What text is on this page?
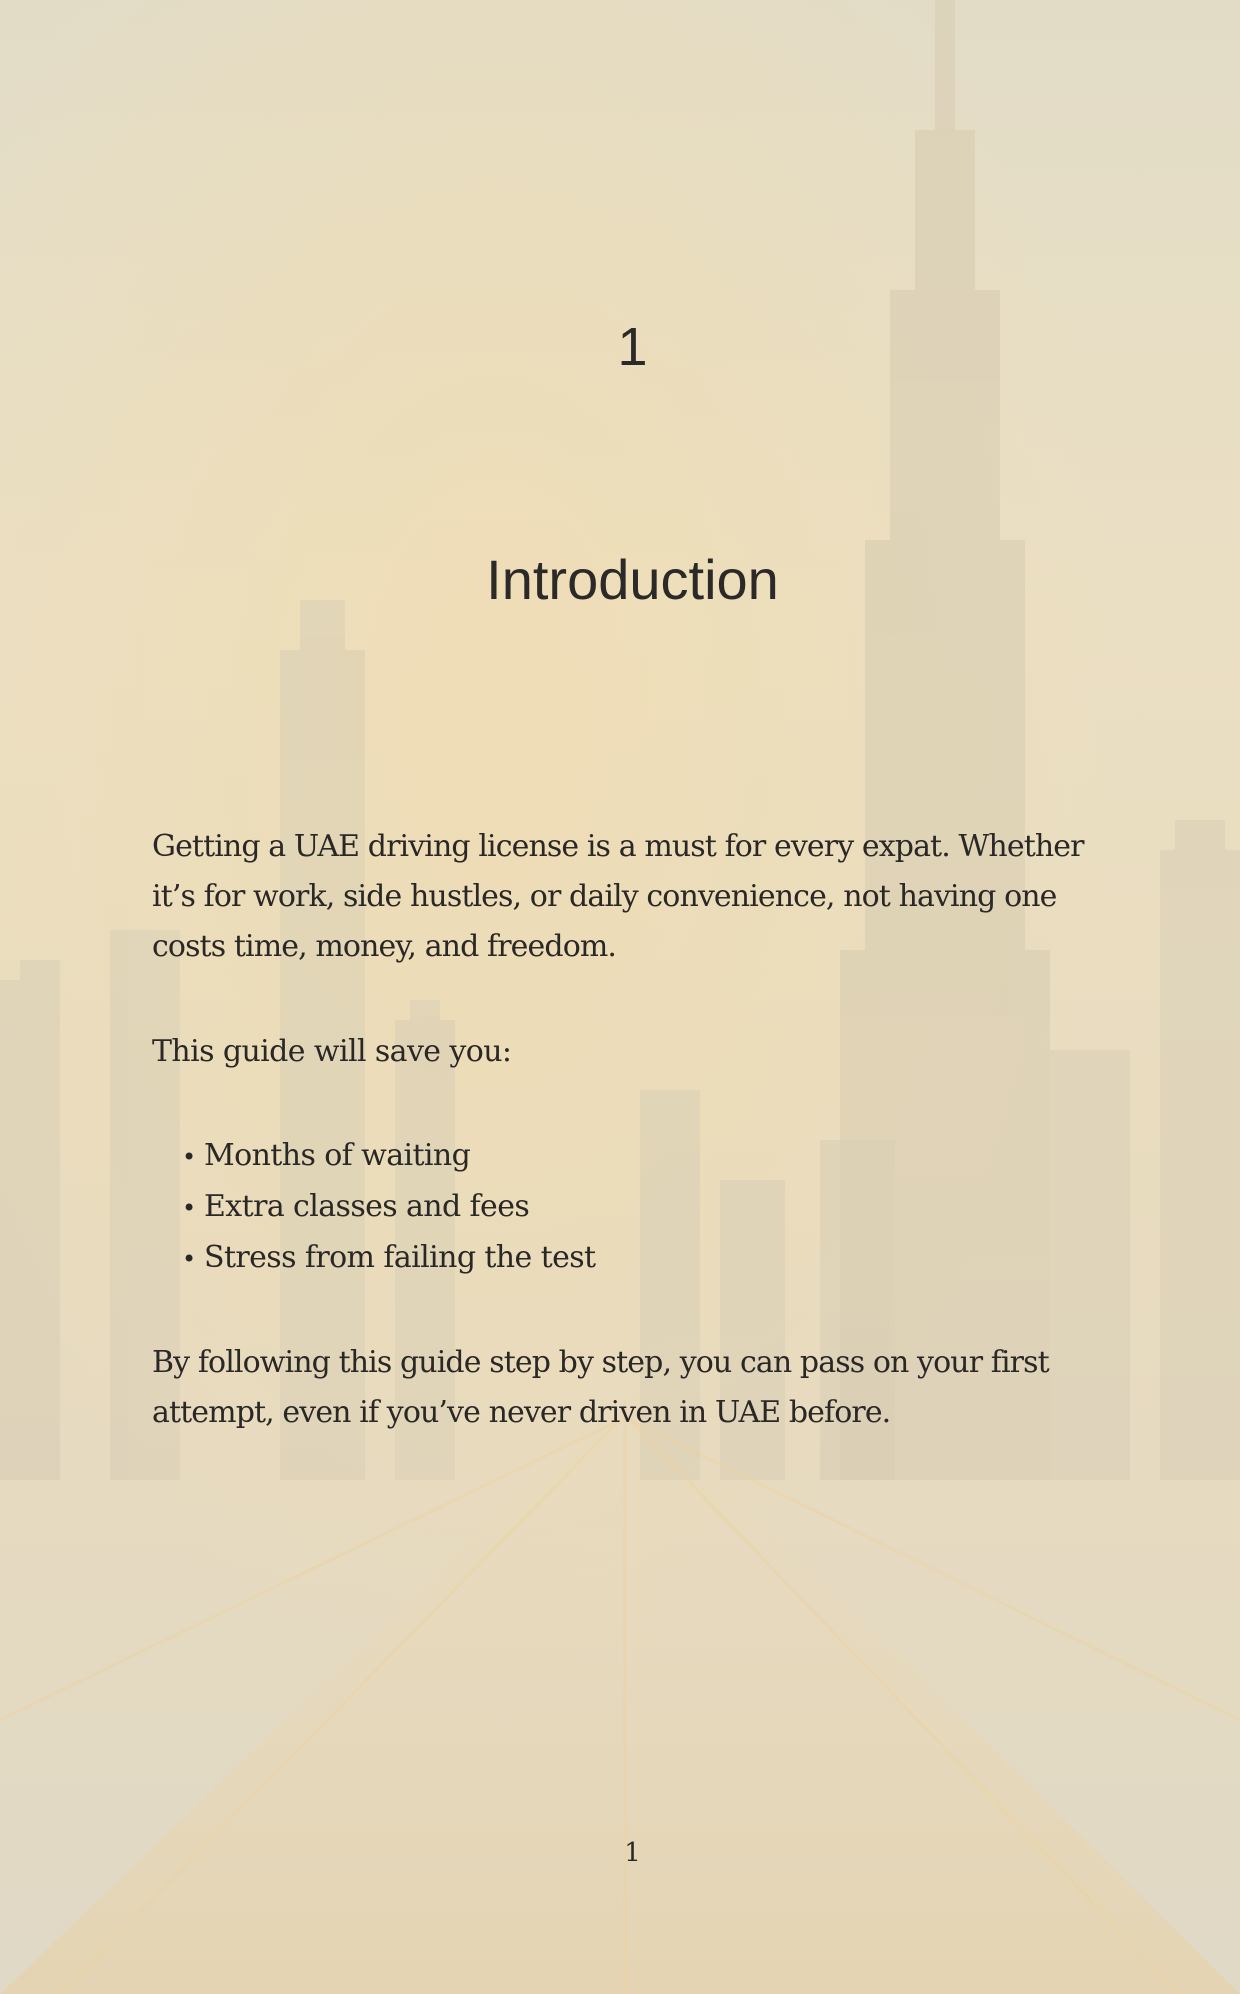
1
Introduction

Getting a UAE driving license is a must for every expat. Whether it’s for work, side hustles, or daily convenience, not having one costs time, money, and freedom.

This guide will save you:

• Months of waiting
• Extra classes and fees
• Stress from failing the test

By following this guide step by step, you can pass on your first attempt, even if you’ve never driven in UAE before.

1
